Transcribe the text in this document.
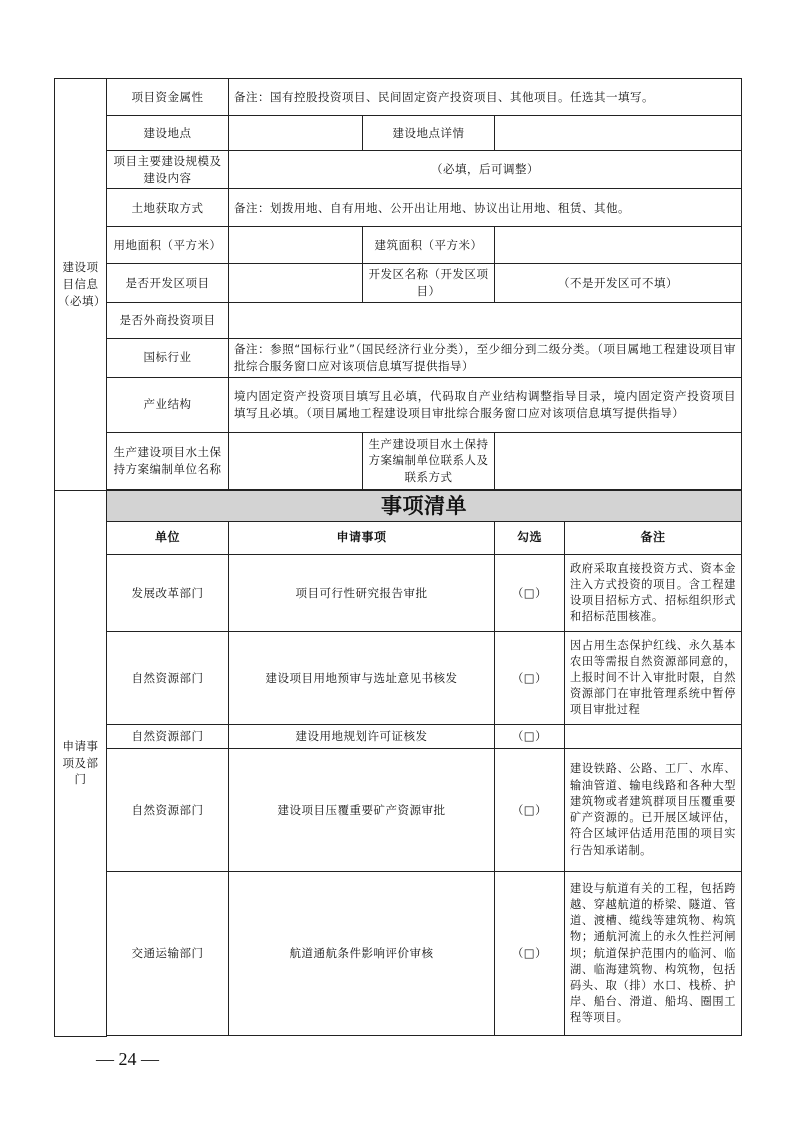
建设项目信息（必填）	项目资金属性	备注：国有控股投资项目、民间固定资产投资项目、其他项目。任选其一填写。			
	建设地点		建设地点详情		
	项目主要建设规模及建设内容	（必填，后可调整）			
	土地获取方式	备注：划拨用地、自有用地、公开出让用地、协议出让用地、租赁、其他。			
	用地面积（平方米）		建筑面积（平方米）		
	是否开发区项目		开发区名称（开发区项目）	（不是开发区可不填）	
	是否外商投资项目				
	国标行业	备注：参照“国标行业”（国民经济行业分类），至少细分到二级分类。（项目属地工程建设项目审批综合服务窗口应对该项信息填写提供指导）			
	产业结构	境内固定资产投资项目填写且必填，代码取自产业结构调整指导目录，境内固定资产投资项目填写且必填。（项目属地工程建设项目审批综合服务窗口应对该项信息填写提供指导）			
	生产建设项目水土保持方案编制单位名称		生产建设项目水土保持方案编制单位联系人及联系方式		

申请事项及部门	事项清单				
	单位	申请事项		勾选	备注
	发展改革部门	项目可行性研究报告审批		（□）	政府采取直接投资方式、资本金注入方式投资的项目。含工程建设项目招标方式、招标组织形式和招标范围核准。
	自然资源部门	建设项目用地预审与选址意见书核发		（□）	因占用生态保护红线、永久基本农田等需报自然资源部同意的，上报时间不计入审批时限，自然资源部门在审批管理系统中暂停项目审批过程
	自然资源部门	建设用地规划许可证核发		（□）	
	自然资源部门	建设项目压覆重要矿产资源审批		（□）	建设铁路、公路、工厂、水库、输油管道、输电线路和各种大型建筑物或者建筑群项目压覆重要矿产资源的。已开展区域评估，符合区域评估适用范围的项目实行告知承诺制。
	交通运输部门	航道通航条件影响评价审核		（□）	建设与航道有关的工程，包括跨越、穿越航道的桥梁、隧道、管道、渡槽、缆线等建筑物、构筑物；通航河流上的永久性拦河闸坝；航道保护范围内的临河、临湖、临海建筑物、构筑物，包括码头、取（排）水口、栈桥、护岸、船台、滑道、船坞、圈围工程等项目。

— 24 —
